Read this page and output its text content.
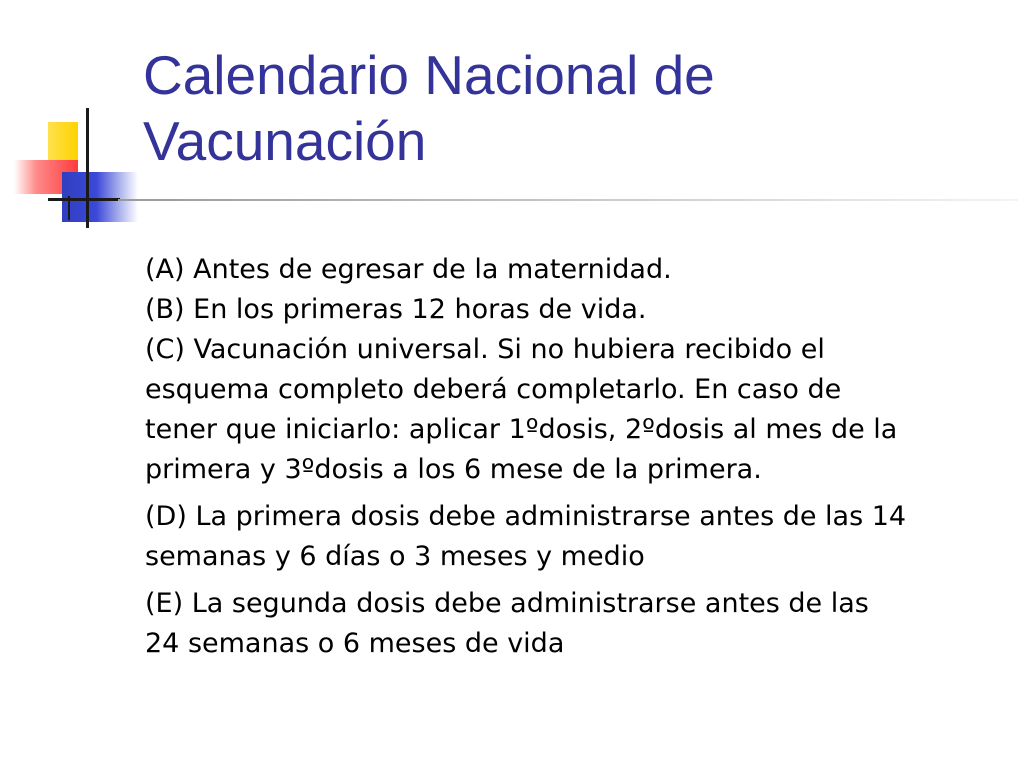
Calendario Nacional de
Vacunación

(A) Antes de egresar de la maternidad.
(B) En los primeras 12 horas de vida.
(C) Vacunación universal. Si no hubiera recibido el
esquema completo deberá completarlo. En caso de
tener que iniciarlo: aplicar 1ºdosis, 2ºdosis al mes de la
primera y 3ºdosis a los 6 mese de la primera.

(D) La primera dosis debe administrarse antes de las 14
semanas y 6 días o 3 meses y medio

(E) La segunda dosis debe administrarse antes de las
24 semanas o 6 meses de vida
